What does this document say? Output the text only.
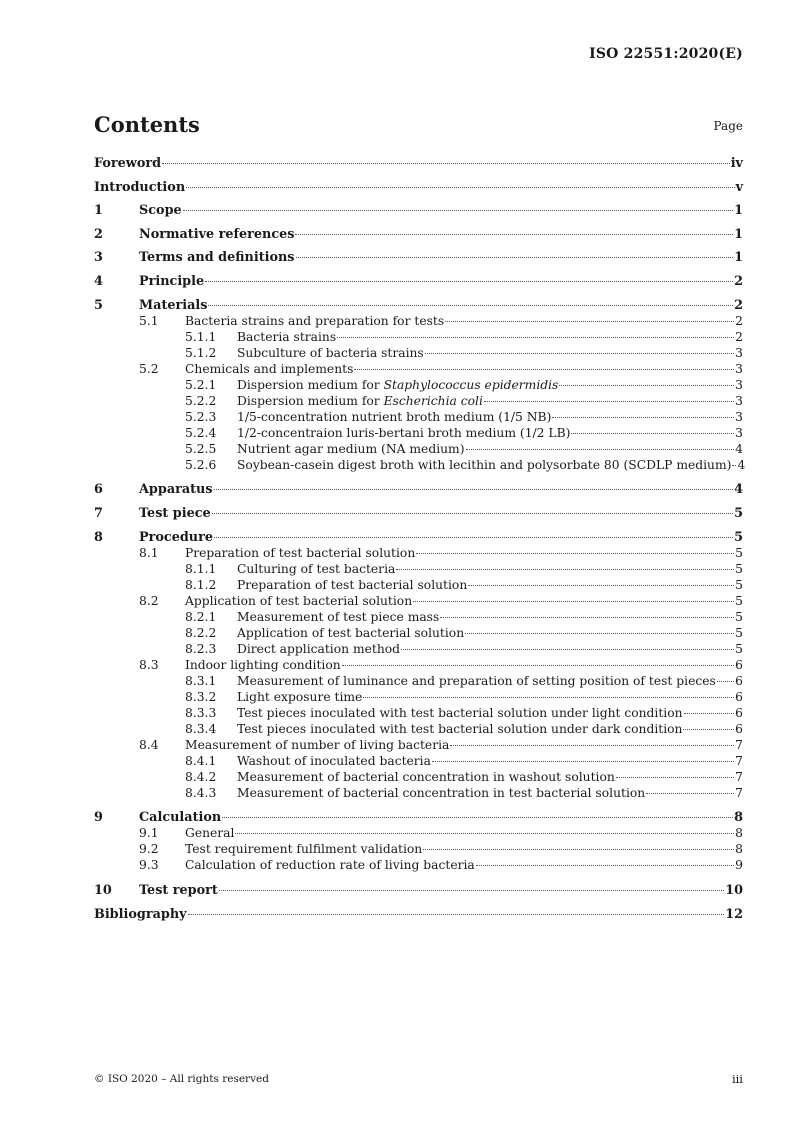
ISO 22551:2020(E)
Contents	Page
Foreword	iv
Introduction	v
1	Scope	1
2	Normative references	1
3	Terms and definitions	1
4	Principle	2
5	Materials	2
5.1 Bacteria strains and preparation for tests	2
5.1.1 Bacteria strains	2
5.1.2 Subculture of bacteria strains	3
5.2 Chemicals and implements	3
5.2.1 Dispersion medium for Staphylococcus epidermidis	3
5.2.2 Dispersion medium for Escherichia coli	3
5.2.3 1/5-concentration nutrient broth medium (1/5 NB)	3
5.2.4 1/2-concentraion luris-bertani broth medium (1/2 LB)	3
5.2.5 Nutrient agar medium (NA medium)	4
5.2.6 Soybean-casein digest broth with lecithin and polysorbate 80 (SCDLP medium) 4
6	Apparatus	4
7	Test piece	5
8	Procedure	5
8.1 Preparation of test bacterial solution	5
8.1.1 Culturing of test bacteria	5
8.1.2 Preparation of test bacterial solution	5
8.2 Application of test bacterial solution	5
8.2.1 Measurement of test piece mass	5
8.2.2 Application of test bacterial solution	5
8.2.3 Direct application method	5
8.3 Indoor lighting condition	6
8.3.1 Measurement of luminance and preparation of setting position of test pieces 6
8.3.2 Light exposure time	6
8.3.3 Test pieces inoculated with test bacterial solution under light condition	6
8.3.4 Test pieces inoculated with test bacterial solution under dark condition	6
8.4 Measurement of number of living bacteria	7
8.4.1 Washout of inoculated bacteria	7
8.4.2 Measurement of bacterial concentration in washout solution	7
8.4.3 Measurement of bacterial concentration in test bacterial solution	7
9	Calculation	8
9.1 General	8
9.2 Test requirement fulfilment validation	8
9.3 Calculation of reduction rate of living bacteria	9
10 Test report	10
Bibliography	12
© ISO 2020 – All rights reserved	iii
